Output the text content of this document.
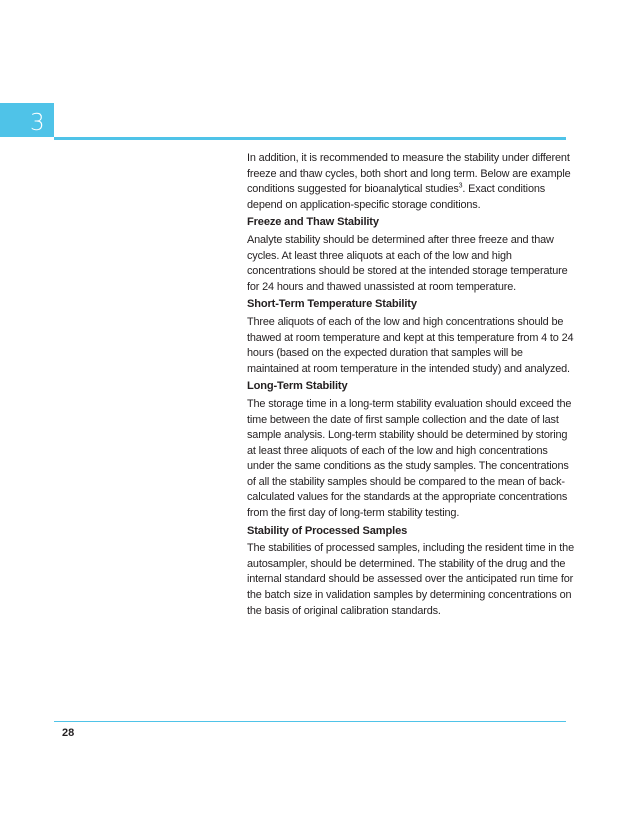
3

In addition, it is recommended to measure the stability under different freeze and thaw cycles, both short and long term. Below are example conditions suggested for bioanalytical studies$^3$. Exact conditions depend on application-specific storage conditions.

Freeze and Thaw Stability

Analyte stability should be determined after three freeze and thaw cycles. At least three aliquots at each of the low and high concentrations should be stored at the intended storage temperature for 24 hours and thawed unassisted at room temperature.

Short-Term Temperature Stability

Three aliquots of each of the low and high concentrations should be thawed at room temperature and kept at this temperature from 4 to 24 hours (based on the expected duration that samples will be maintained at room temperature in the intended study) and analyzed.

Long-Term Stability

The storage time in a long-term stability evaluation should exceed the time between the date of first sample collection and the date of last sample analysis. Long-term stability should be determined by storing at least three aliquots of each of the low and high concentrations under the same conditions as the study samples. The concentrations of all the stability samples should be compared to the mean of back-calculated values for the standards at the appropriate concentrations from the first day of long-term stability testing.

Stability of Processed Samples

The stabilities of processed samples, including the resident time in the autosampler, should be determined. The stability of the drug and the internal standard should be assessed over the anticipated run time for the batch size in validation samples by determining concentrations on the basis of original calibration standards.

28
